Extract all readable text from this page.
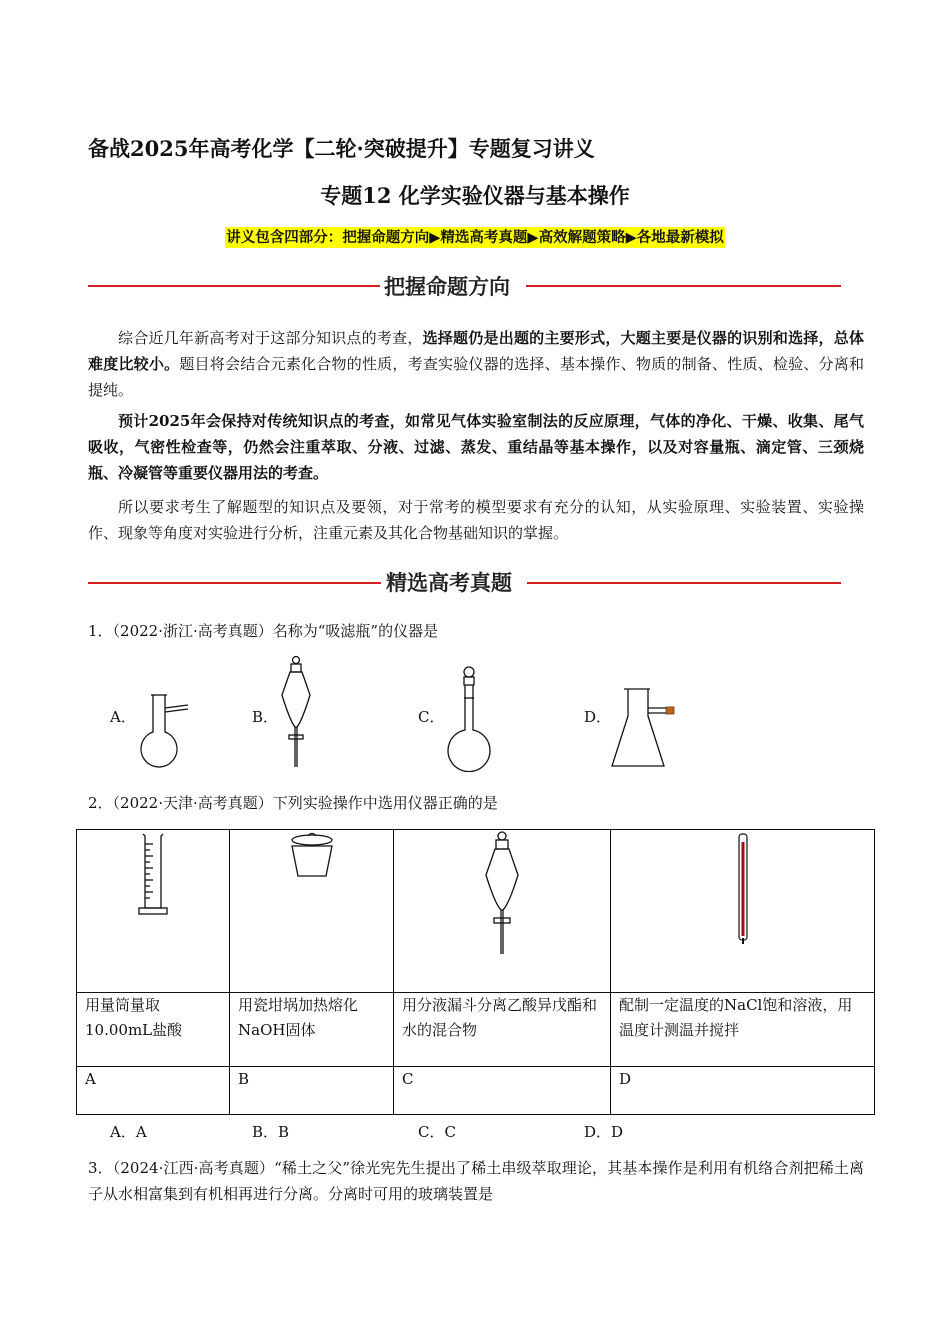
备战2025年高考化学【二轮·突破提升】专题复习讲义
专题12 化学实验仪器与基本操作
讲义包含四部分：把握命题方向▶精选高考真题▶高效解题策略▶各地最新模拟
把握命题方向
综合近几年新高考对于这部分知识点的考查，选择题仍是出题的主要形式，大题主要是仪器的识别和选择，总体难度比较小。题目将会结合元素化合物的性质，考查实验仪器的选择、基本操作、物质的制备、性质、检验、分离和提纯。
预计2025年会保持对传统知识点的考查，如常见气体实验室制法的反应原理，气体的净化、干燥、收集、尾气吸收，气密性检查等，仍然会注重萃取、分液、过滤、蒸发、重结晶等基本操作，以及对容量瓶、滴定管、三颈烧瓶、冷凝管等重要仪器用法的考查。
所以要求考生了解题型的知识点及要领，对于常考的模型要求有充分的认知，从实验原理、实验装置、实验操作、现象等角度对实验进行分析，注重元素及其化合物基础知识的掌握。
精选高考真题
1．（2022·浙江·高考真题）名称为“吸滤瓶”的仪器是
A．	B．	C．	D．
2．（2022·天津·高考真题）下列实验操作中选用仪器正确的是

用量筒量取10.00mL盐酸	用瓷坩埚加热熔化NaOH固体	用分液漏斗分离乙酸异戊酯和水的混合物	配制一定温度的NaCl饱和溶液，用温度计测温并搅拌
A	B	C	D
A．A	B．B	C．C	D．D
3．（2024·江西·高考真题）“稀土之父”徐光宪先生提出了稀土串级萃取理论，其基本操作是利用有机络合剂把稀土离子从水相富集到有机相再进行分离。分离时可用的玻璃装置是
